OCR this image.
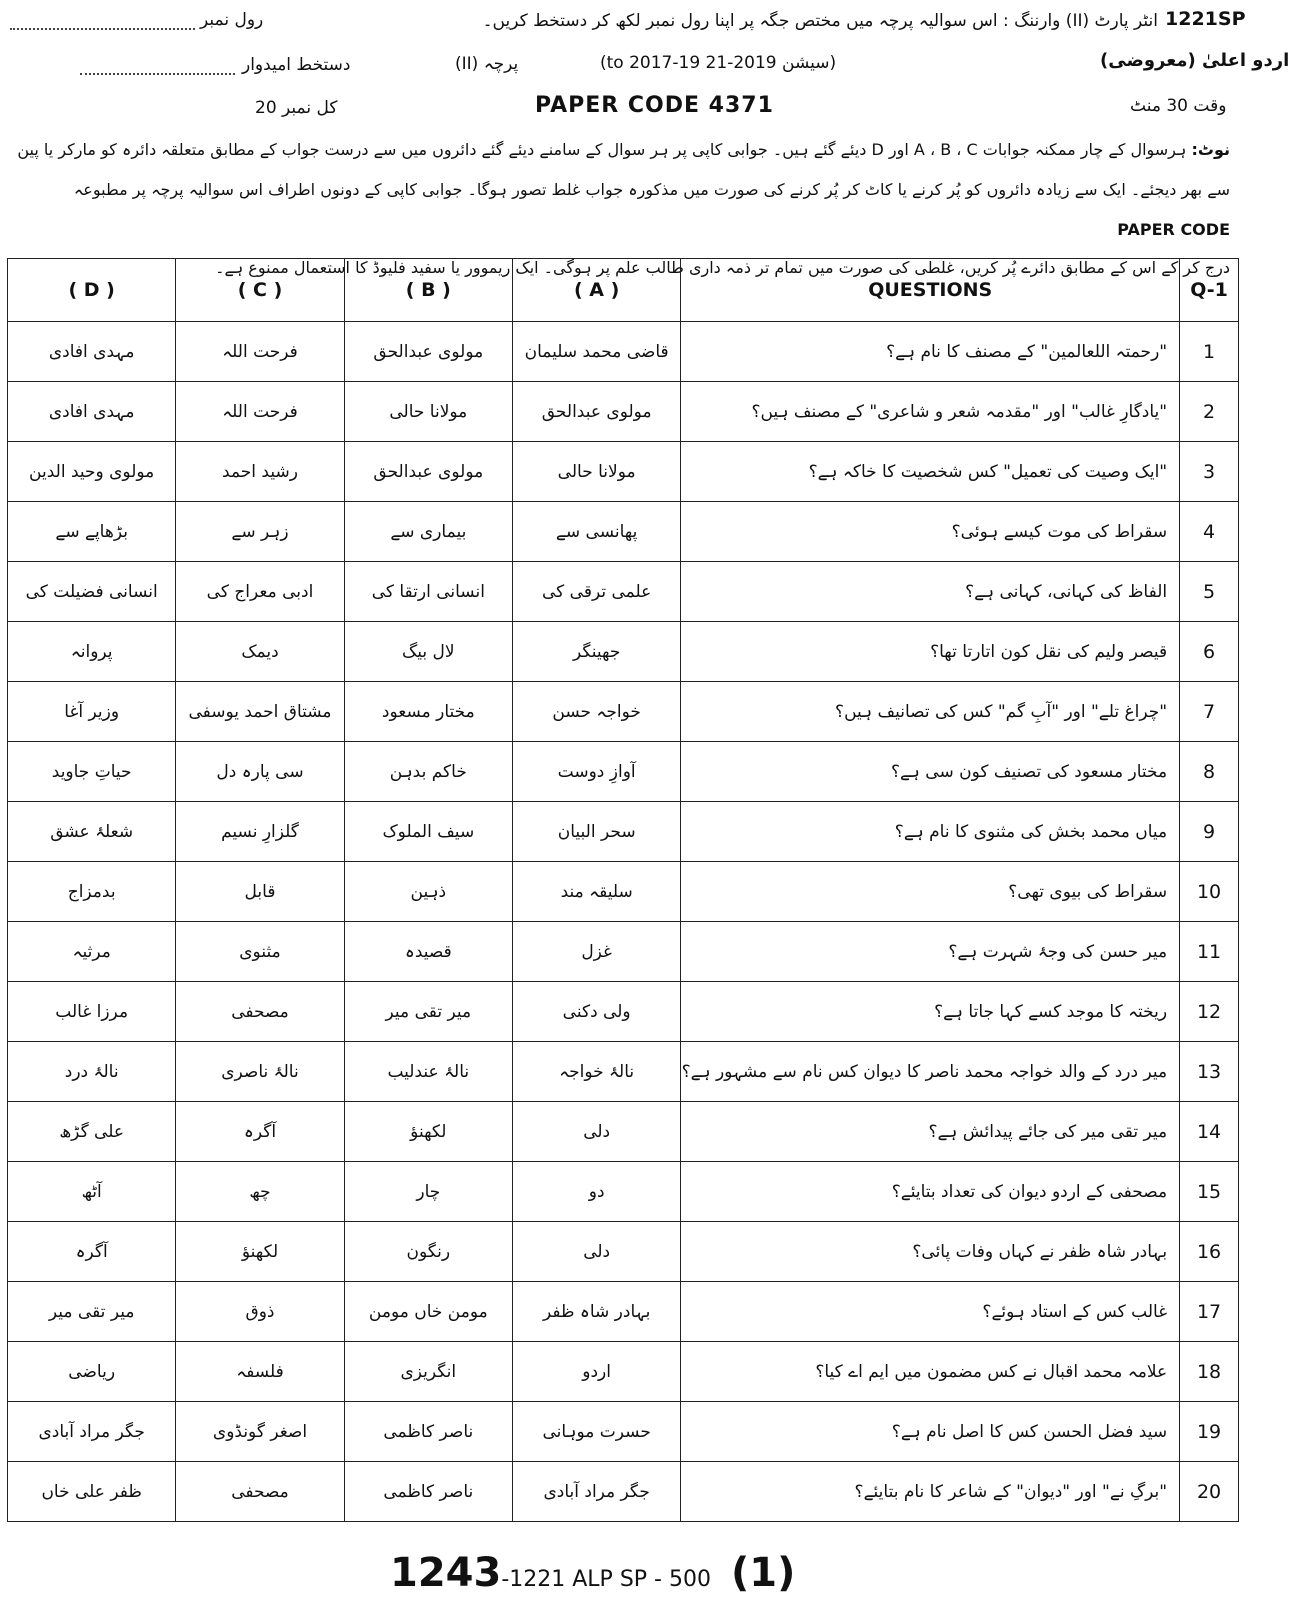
1221SP
انٹر پارٹ (II) وارننگ : اس سوالیہ پرچہ میں مختص جگہ پر اپنا رول نمبر لکھ کر دستخط کریں۔
رول نمبر
اردو اعلیٰ (معروضی)
(سیشن 2019-21 to 2017-19)
پرچہ (II)
دستخط امیدوار
وقت 30 منٹ
PAPER CODE 4371
کل نمبر 20
نوٹ: ہرسوال کے چار ممکنہ جوابات A ، B ، C اور D دیئے گئے ہیں۔ جوابی کاپی پر ہر سوال کے سامنے دیئے گئے دائروں میں سے درست جواب کے مطابق متعلقہ دائرہ کو مارکر یا پین
سے بھر دیجئے۔ ایک سے زیادہ دائروں کو پُر کرنے یا کاٹ کر پُر کرنے کی صورت میں مذکورہ جواب غلط تصور ہوگا۔ جوابی کاپی کے دونوں اطراف اس سوالیہ پرچہ پر مطبوعہ
PAPER CODE
درج کر کے اس کے مطابق دائرے پُر کریں، غلطی کی صورت میں تمام تر ذمہ داری طالب علم پر ہوگی۔ ایک ریموور یا سفید فلیوڈ کا استعمال ممنوع ہے۔
( D )	( C )	( B )	( A )	QUESTIONS	Q-1
مہدی افادی	فرحت اللہ	مولوی عبدالحق	قاضی محمد سلیمان	"رحمتہ اللعالمین" کے مصنف کا نام ہے؟	1
مہدی افادی	فرحت اللہ	مولانا حالی	مولوی عبدالحق	"یادگارِ غالب" اور "مقدمہ شعر و شاعری" کے مصنف ہیں؟	2
مولوی وحید الدین	رشید احمد	مولوی عبدالحق	مولانا حالی	"ایک وصیت کی تعمیل" کس شخصیت کا خاکہ ہے؟	3
بڑھاپے سے	زہر سے	بیماری سے	پھانسی سے	سقراط کی موت کیسے ہوئی؟	4
انسانی فضیلت کی	ادبی معراج کی	انسانی ارتقا کی	علمی ترقی کی	الفاظ کی کہانی، کہانی ہے؟	5
پروانہ	دیمک	لال بیگ	جھینگر	قیصر ولیم کی نقل کون اتارتا تھا؟	6
وزیر آغا	مشتاق احمد یوسفی	مختار مسعود	خواجہ حسن	"چراغ تلے" اور "آبِ گم" کس کی تصانیف ہیں؟	7
حیاتِ جاوید	سی پارہ دل	خاکم بدہن	آوازِ دوست	مختار مسعود کی تصنیف کون سی ہے؟	8
شعلۂ عشق	گلزارِ نسیم	سیف الملوک	سحر البیان	میاں محمد بخش کی مثنوی کا نام ہے؟	9
بدمزاج	قابل	ذہین	سلیقہ مند	سقراط کی بیوی تھی؟	10
مرثیہ	مثنوی	قصیدہ	غزل	میر حسن کی وجۂ شہرت ہے؟	11
مرزا غالب	مصحفی	میر تقی میر	ولی دکنی	ریختہ کا موجد کسے کہا جاتا ہے؟	12
نالۂ درد	نالۂ ناصری	نالۂ عندلیب	نالۂ خواجہ	میر درد کے والد خواجہ محمد ناصر کا دیوان کس نام سے مشہور ہے؟	13
علی گڑھ	آگرہ	لکھنؤ	دلی	میر تقی میر کی جائے پیدائش ہے؟	14
آٹھ	چھ	چار	دو	مصحفی کے اردو دیوان کی تعداد بتایئے؟	15
آگرہ	لکھنؤ	رنگون	دلی	بہادر شاہ ظفر نے کہاں وفات پائی؟	16
میر تقی میر	ذوق	مومن خاں مومن	بہادر شاہ ظفر	غالب کس کے استاد ہوئے؟	17
ریاضی	فلسفہ	انگریزی	اردو	علامہ محمد اقبال نے کس مضمون میں ایم اے کیا؟	18
جگر مراد آبادی	اصغر گونڈوی	ناصر کاظمی	حسرت موہانی	سید فضل الحسن کس کا اصل نام ہے؟	19
ظفر علی خاں	مصحفی	ناصر کاظمی	جگر مراد آبادی	"برگِ نے" اور "دیوان" کے شاعر کا نام بتایئے؟	20
1243-1221 ALP SP - 500 (1)
